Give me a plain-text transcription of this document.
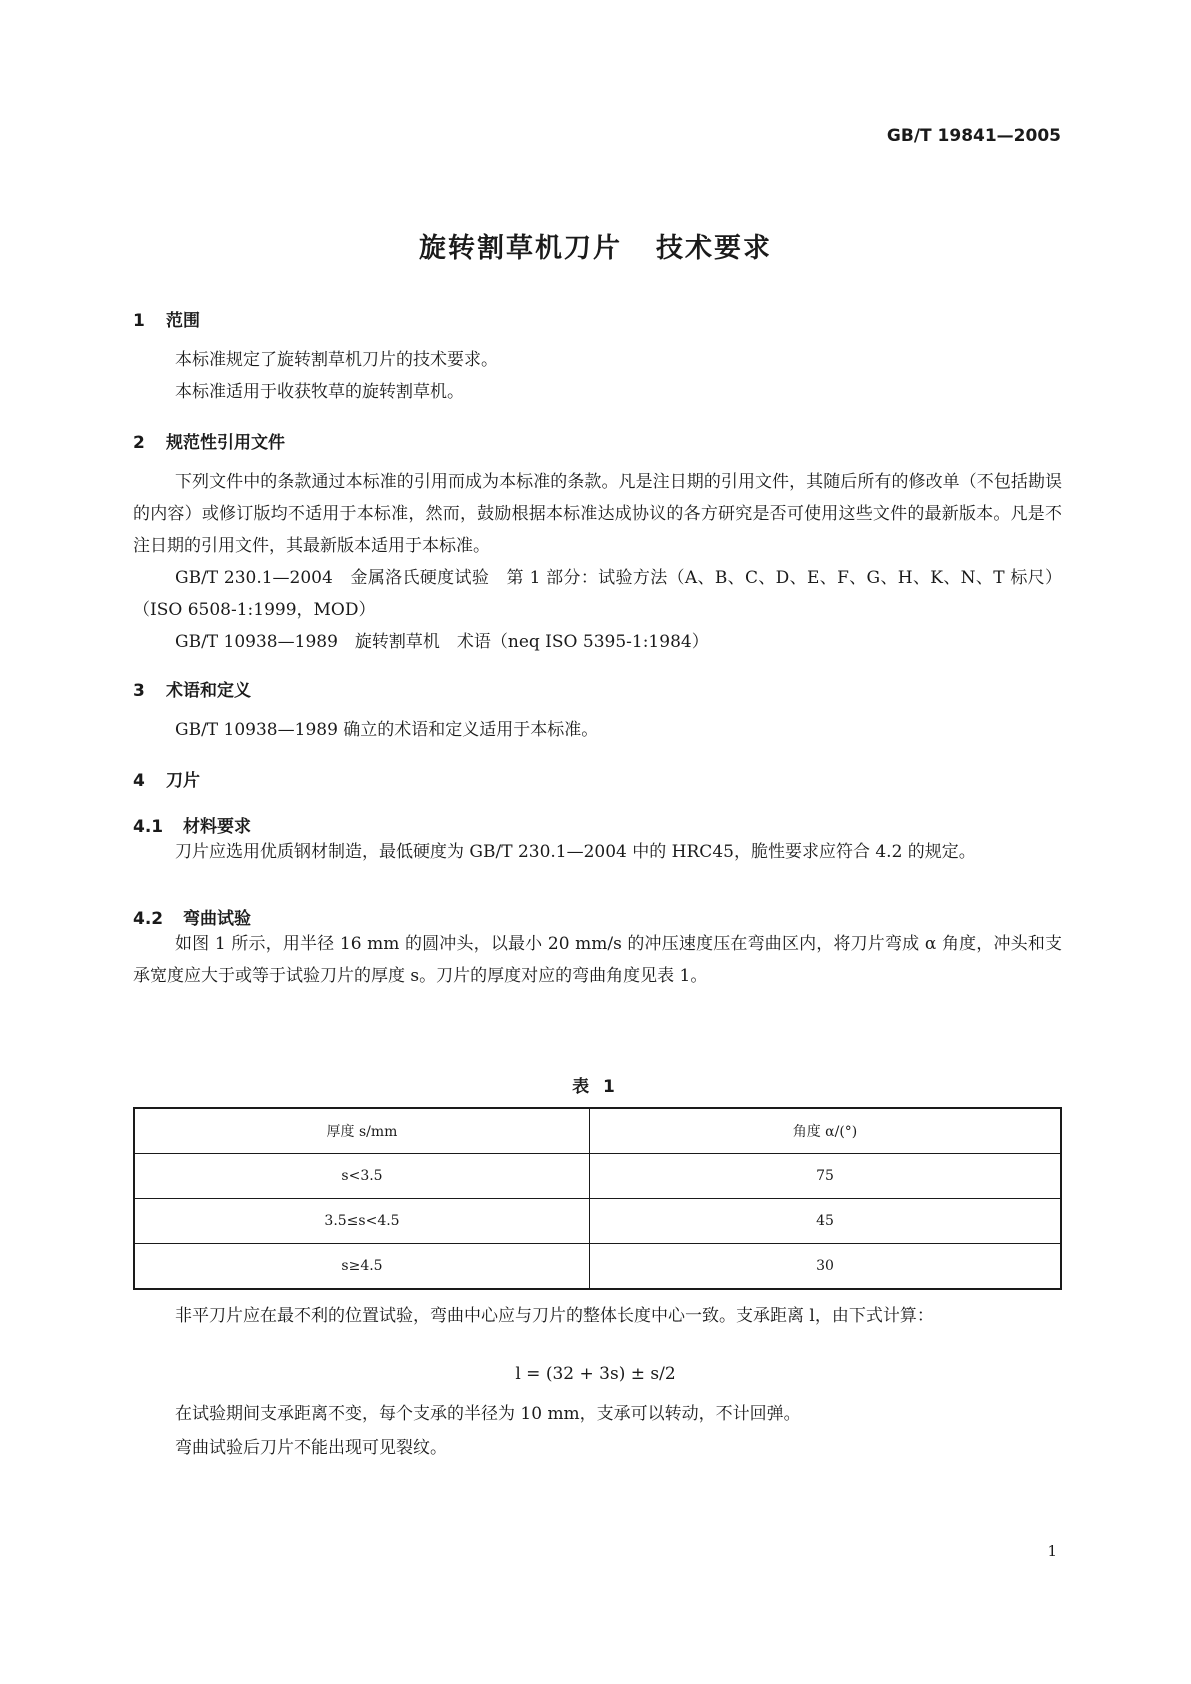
GB/T 19841—2005
旋转割草机刀片 技术要求
1 范围
本标准规定了旋转割草机刀片的技术要求。
本标准适用于收获牧草的旋转割草机。
2 规范性引用文件
下列文件中的条款通过本标准的引用而成为本标准的条款。凡是注日期的引用文件，其随后所有的修改单（不包括勘误的内容）或修订版均不适用于本标准，然而，鼓励根据本标准达成协议的各方研究是否可使用这些文件的最新版本。凡是不注日期的引用文件，其最新版本适用于本标准。
GB/T 230.1—2004　金属洛氏硬度试验　第 1 部分：试验方法（A、B、C、D、E、F、G、H、K、N、T 标尺）（ISO 6508-1:1999，MOD）
GB/T 10938—1989　旋转割草机　术语（neq ISO 5395-1:1984）
3 术语和定义
GB/T 10938—1989 确立的术语和定义适用于本标准。
4 刀片
4.1 材料要求
刀片应选用优质钢材制造，最低硬度为 GB/T 230.1—2004 中的 HRC45，脆性要求应符合 4.2 的规定。
4.2 弯曲试验
如图 1 所示，用半径 16 mm 的圆冲头，以最小 20 mm/s 的冲压速度压在弯曲区内，将刀片弯成 α 角度，冲头和支承宽度应大于或等于试验刀片的厚度 s。刀片的厚度对应的弯曲角度见表 1。
表 1
厚度 s/mm	角度 α/(°)
s<3.5	75
3.5≤s<4.5	45
s≥4.5	30
非平刀片应在最不利的位置试验，弯曲中心应与刀片的整体长度中心一致。支承距离 l，由下式计算：
l = (32 + 3s) ± s/2
在试验期间支承距离不变，每个支承的半径为 10 mm，支承可以转动，不计回弹。
弯曲试验后刀片不能出现可见裂纹。
1
